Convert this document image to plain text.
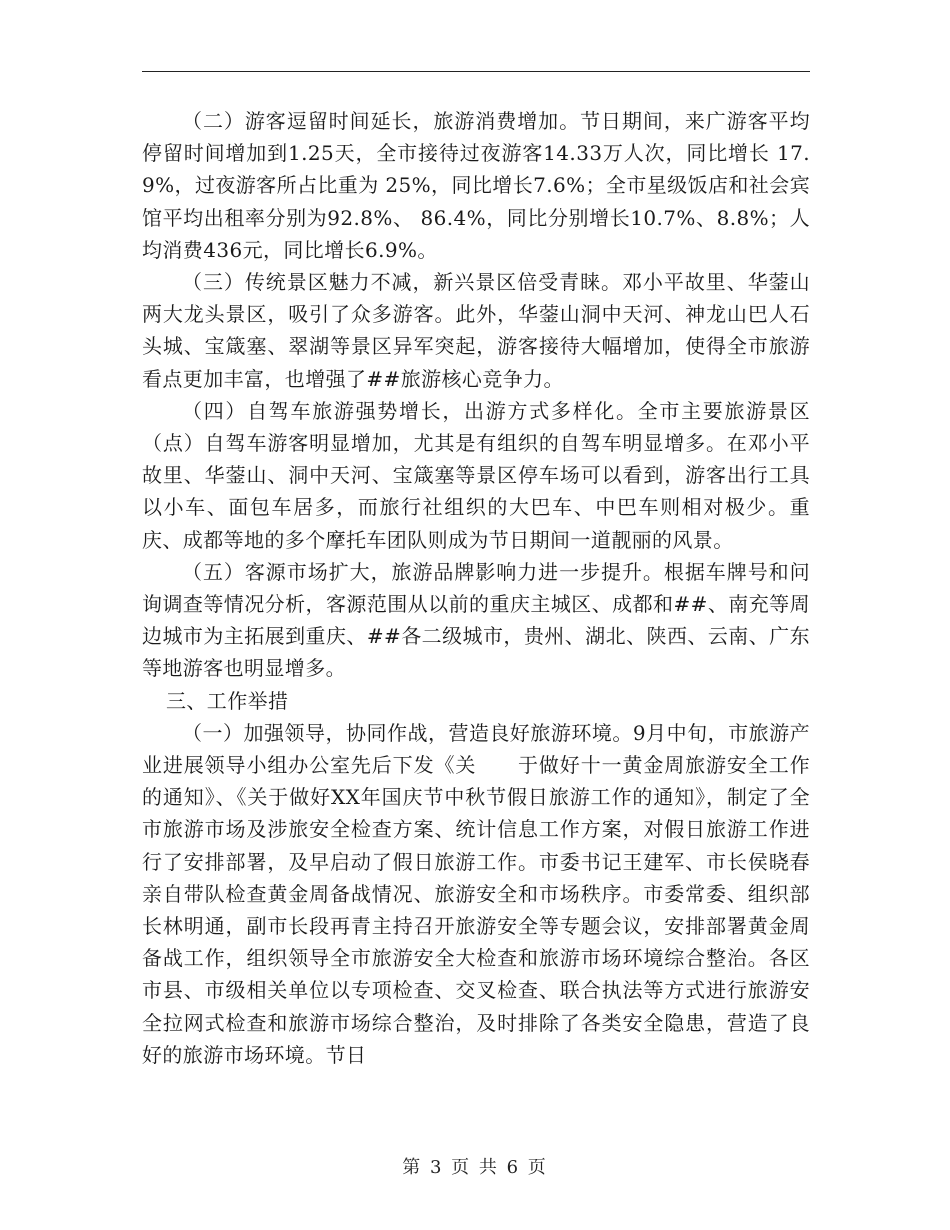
（二）游客逗留时间延长，旅游消费增加。节日期间，来广游客平均停留时间增加到1.25天，全市接待过夜游客14.33万人次，同比增长 17.9%，过夜游客所占比重为 25%，同比增长7.6%；全市星级饭店和社会宾馆平均出租率分别为92.8%、 86.4%，同比分别增长10.7%、8.8%；人均消费436元，同比增长6.9%。

（三）传统景区魅力不减，新兴景区倍受青睐。邓小平故里、华蓥山两大龙头景区，吸引了众多游客。此外，华蓥山洞中天河、神龙山巴人石头城、宝箴塞、翠湖等景区异军突起，游客接待大幅增加，使得全市旅游看点更加丰富，也增强了##旅游核心竞争力。

（四）自驾车旅游强势增长，出游方式多样化。全市主要旅游景区（点）自驾车游客明显增加，尤其是有组织的自驾车明显增多。在邓小平故里、华蓥山、洞中天河、宝箴塞等景区停车场可以看到，游客出行工具以小车、面包车居多，而旅行社组织的大巴车、中巴车则相对极少。重庆、成都等地的多个摩托车团队则成为节日期间一道靓丽的风景。

（五）客源市场扩大，旅游品牌影响力进一步提升。根据车牌号和问询调查等情况分析，客源范围从以前的重庆主城区、成都和##、南充等周边城市为主拓展到重庆、##各二级城市，贵州、湖北、陕西、云南、广东等地游客也明显增多。

三、工作举措

（一）加强领导，协同作战，营造良好旅游环境。9月中旬，市旅游产业进展领导小组办公室先后下发《关　　于做好十一黄金周旅游安全工作的通知》、《关于做好XX年国庆节中秋节假日旅游工作的通知》，制定了全市旅游市场及涉旅安全检查方案、统计信息工作方案，对假日旅游工作进行了安排部署，及早启动了假日旅游工作。市委书记王建军、市长侯晓春亲自带队检查黄金周备战情况、旅游安全和市场秩序。市委常委、组织部长林明通，副市长段再青主持召开旅游安全等专题会议，安排部署黄金周备战工作，组织领导全市旅游安全大检查和旅游市场环境综合整治。各区市县、市级相关单位以专项检查、交叉检查、联合执法等方式进行旅游安全拉网式检查和旅游市场综合整治，及时排除了各类安全隐患，营造了良好的旅游市场环境。节日

第 3 页 共 6 页
